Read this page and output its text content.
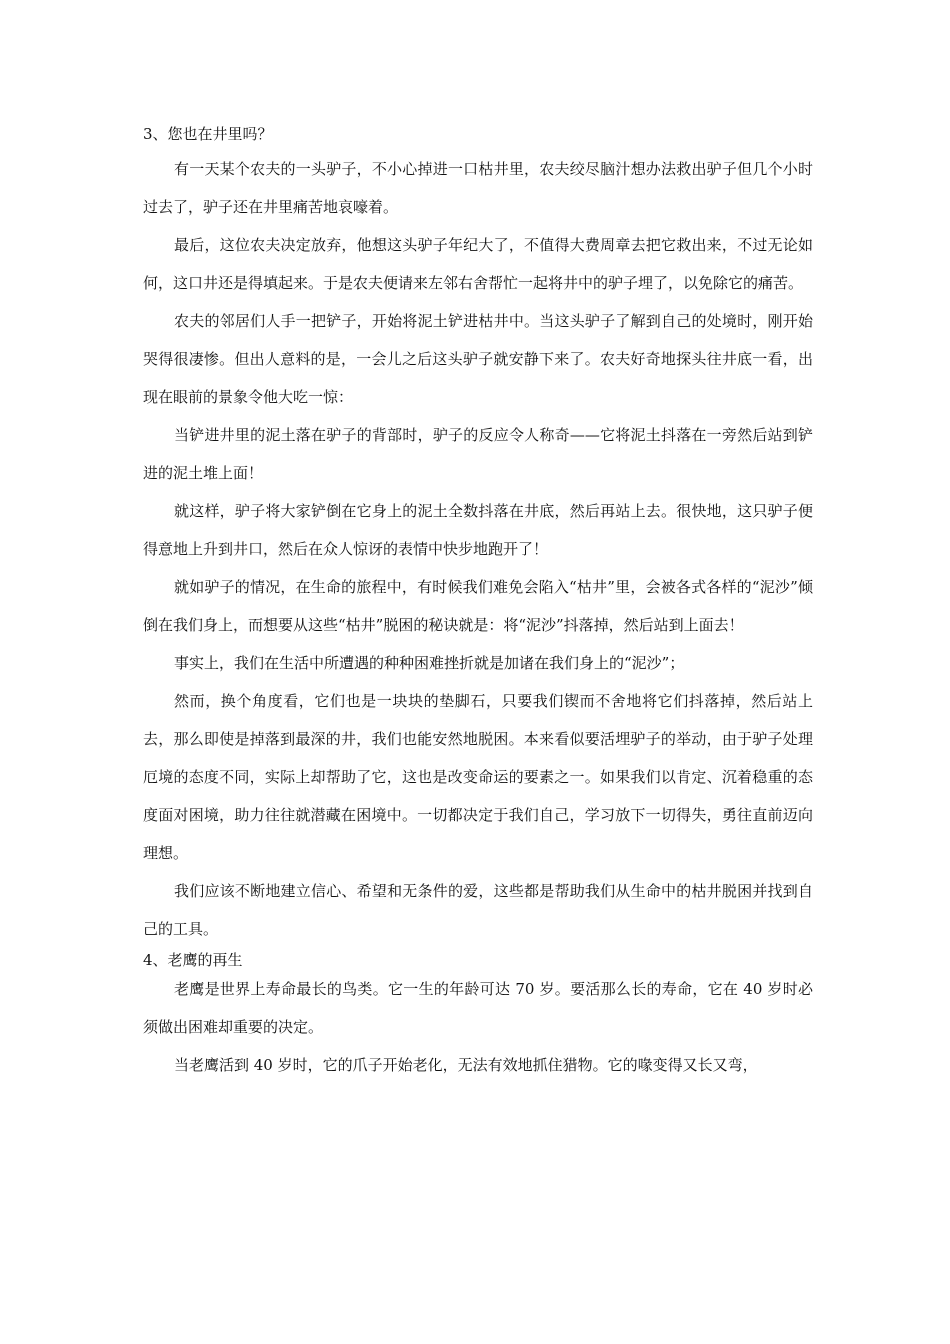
3、您也在井里吗？

有一天某个农夫的一头驴子，不小心掉进一口枯井里，农夫绞尽脑汁想办法救出驴子但几个小时过去了，驴子还在井里痛苦地哀嚎着。

最后，这位农夫决定放弃，他想这头驴子年纪大了，不值得大费周章去把它救出来，不过无论如何，这口井还是得填起来。于是农夫便请来左邻右舍帮忙一起将井中的驴子埋了，以免除它的痛苦。

农夫的邻居们人手一把铲子，开始将泥土铲进枯井中。当这头驴子了解到自己的处境时，刚开始哭得很凄惨。但出人意料的是，一会儿之后这头驴子就安静下来了。农夫好奇地探头往井底一看，出现在眼前的景象令他大吃一惊：

当铲进井里的泥土落在驴子的背部时，驴子的反应令人称奇——它将泥土抖落在一旁然后站到铲进的泥土堆上面！

就这样，驴子将大家铲倒在它身上的泥土全数抖落在井底，然后再站上去。很快地，这只驴子便得意地上升到井口，然后在众人惊讶的表情中快步地跑开了！

就如驴子的情况，在生命的旅程中，有时候我们难免会陷入“枯井”里，会被各式各样的“泥沙”倾倒在我们身上，而想要从这些“枯井”脱困的秘诀就是：将“泥沙”抖落掉，然后站到上面去！

事实上，我们在生活中所遭遇的种种困难挫折就是加诸在我们身上的“泥沙”；

然而，换个角度看，它们也是一块块的垫脚石，只要我们锲而不舍地将它们抖落掉，然后站上去，那么即使是掉落到最深的井，我们也能安然地脱困。本来看似要活埋驴子的举动，由于驴子处理厄境的态度不同，实际上却帮助了它，这也是改变命运的要素之一。如果我们以肯定、沉着稳重的态度面对困境，助力往往就潜藏在困境中。一切都决定于我们自己，学习放下一切得失，勇往直前迈向理想。

我们应该不断地建立信心、希望和无条件的爱，这些都是帮助我们从生命中的枯井脱困并找到自己的工具。

4、老鹰的再生

老鹰是世界上寿命最长的鸟类。它一生的年龄可达 70 岁。要活那么长的寿命，它在 40 岁时必须做出困难却重要的决定。

当老鹰活到 40 岁时，它的爪子开始老化，无法有效地抓住猎物。它的喙变得又长又弯，
